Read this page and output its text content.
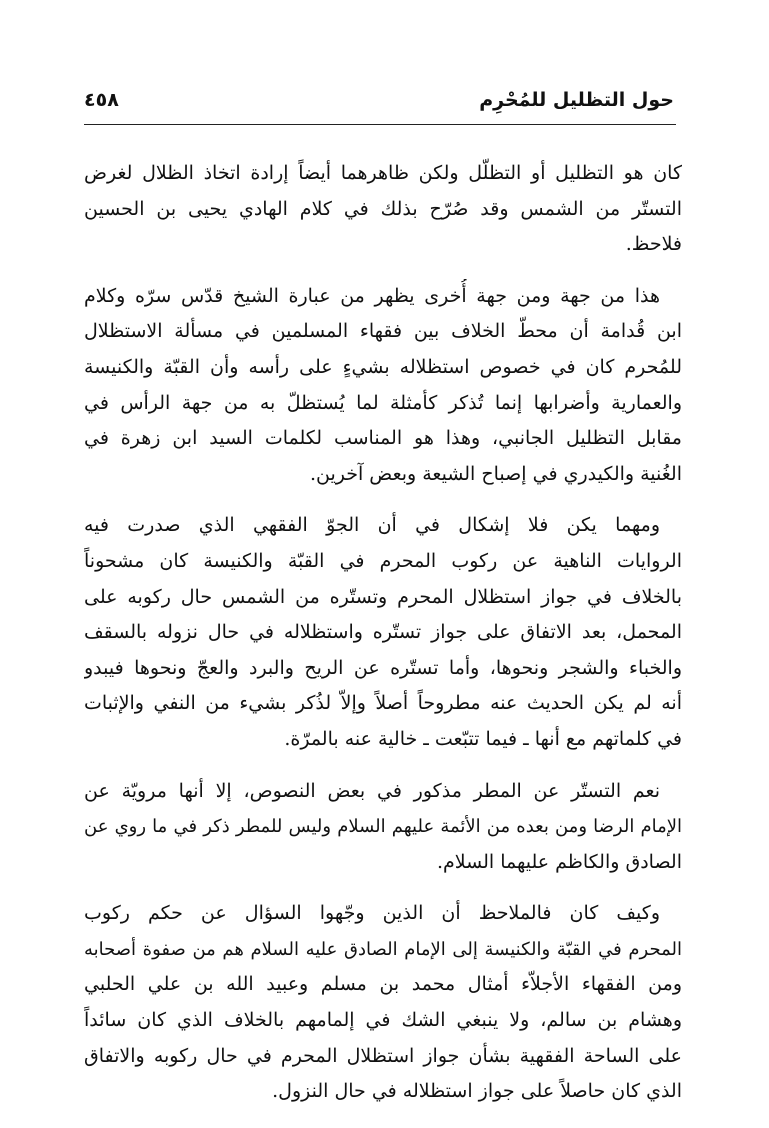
حول التظليل للمُحْرِم
٤٥٨

كان هو التظليل أو التظلّل ولكن ظاهرهما أيضاً إرادة اتخاذ الظلال لغرض
التستّر من الشمس وقد صُرّح بذلك في كلام الهادي يحيى بن الحسين
فلاحظ.

هذا من جهة ومن جهة أُخرى يظهر من عبارة الشيخ قدّس سرّه وكلام
ابن قُدامة أن محطّ الخلاف بين فقهاء المسلمين في مسألة الاستظلال
للمُحرم كان في خصوص استظلاله بشيءٍ على رأسه وأن القبّة والكنيسة
والعمارية وأضرابها إنما تُذكر كأمثلة لما يُستظلّ به من جهة الرأس في
مقابل التظليل الجانبي، وهذا هو المناسب لكلمات السيد ابن زهرة في
الغُنية والكيدري في إصباح الشيعة وبعض آخرين.

ومهما يكن فلا إشكال في أن الجوّ الفقهي الذي صدرت فيه
الروايات الناهية عن ركوب المحرم في القبّة والكنيسة كان مشحوناً
بالخلاف في جواز استظلال المحرم وتستّره من الشمس حال ركوبه على
المحمل، بعد الاتفاق على جواز تستّره واستظلاله في حال نزوله بالسقف
والخباء والشجر ونحوها، وأما تستّره عن الريح والبرد والعجّ ونحوها فيبدو
أنه لم يكن الحديث عنه مطروحاً أصلاً وإلاّ لذُكر بشيء من النفي والإثبات
في كلماتهم مع أنها ـ فيما تتبّعت ـ خالية عنه بالمرّة.

نعم التستّر عن المطر مذكور في بعض النصوص، إلا أنها مرويّة عن
الإمام الرضا ومن بعده من الأئمة عليهم السلام وليس للمطر ذكر في ما روي عن
الصادق والكاظم عليهما السلام.

وكيف كان فالملاحظ أن الذين وجّهوا السؤال عن حكم ركوب
المحرم في القبّة والكنيسة إلى الإمام الصادق عليه السلام هم من صفوة أصحابه
ومن الفقهاء الأجلاّء أمثال محمد بن مسلم وعبيد الله بن علي الحلبي
وهشام بن سالم، ولا ينبغي الشك في إلمامهم بالخلاف الذي كان سائداً
على الساحة الفقهية بشأن جواز استظلال المحرم في حال ركوبه والاتفاق
الذي كان حاصلاً على جواز استظلاله في حال النزول.
